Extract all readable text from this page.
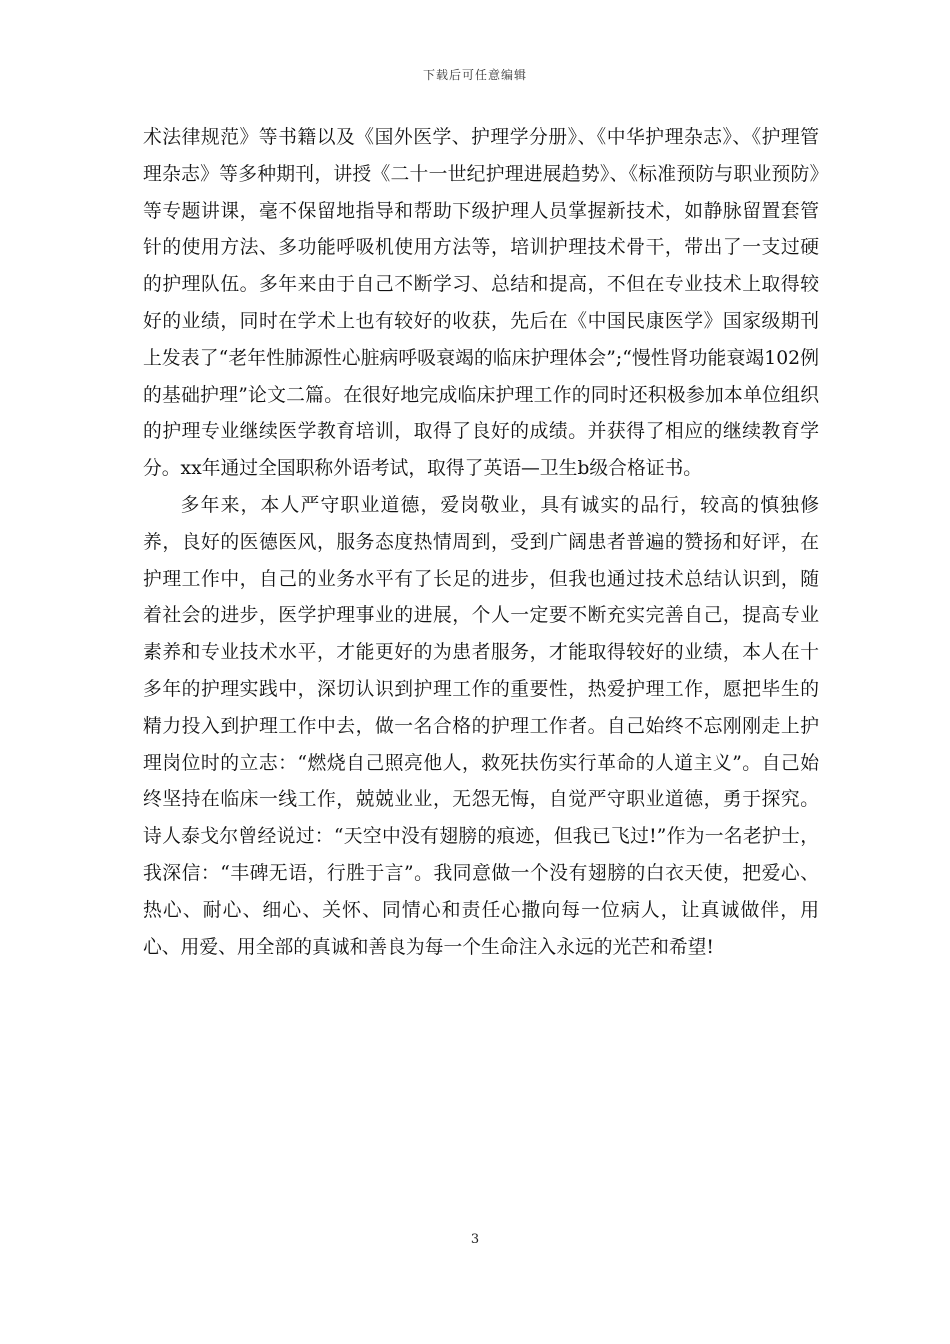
下载后可任意编辑

术法律规范》等书籍以及《国外医学、护理学分册》、《中华护理杂志》、《护理管理杂志》等多种期刊，讲授《二十一世纪护理进展趋势》、《标准预防与职业预防》等专题讲课，毫不保留地指导和帮助下级护理人员掌握新技术，如静脉留置套管针的使用方法、多功能呼吸机使用方法等，培训护理技术骨干，带出了一支过硬的护理队伍。多年来由于自己不断学习、总结和提高，不但在专业技术上取得较好的业绩，同时在学术上也有较好的收获，先后在《中国民康医学》国家级期刊上发表了“老年性肺源性心脏病呼吸衰竭的临床护理体会”;“慢性肾功能衰竭102例的基础护理”论文二篇。在很好地完成临床护理工作的同时还积极参加本单位组织的护理专业继续医学教育培训，取得了良好的成绩。并获得了相应的继续教育学分。xx年通过全国职称外语考试，取得了英语—卫生b级合格证书。

多年来，本人严守职业道德，爱岗敬业，具有诚实的品行，较高的慎独修养，良好的医德医风，服务态度热情周到，受到广阔患者普遍的赞扬和好评，在护理工作中，自己的业务水平有了长足的进步，但我也通过技术总结认识到，随着社会的进步，医学护理事业的进展，个人一定要不断充实完善自己，提高专业素养和专业技术水平，才能更好的为患者服务，才能取得较好的业绩，本人在十多年的护理实践中，深切认识到护理工作的重要性，热爱护理工作，愿把毕生的精力投入到护理工作中去，做一名合格的护理工作者。自己始终不忘刚刚走上护理岗位时的立志：“燃烧自己照亮他人，救死扶伤实行革命的人道主义”。自己始终坚持在临床一线工作，兢兢业业，无怨无悔，自觉严守职业道德，勇于探究。诗人泰戈尔曾经说过：“天空中没有翅膀的痕迹，但我已飞过!”作为一名老护士，我深信：“丰碑无语，行胜于言”。我同意做一个没有翅膀的白衣天使，把爱心、热心、耐心、细心、关怀、同情心和责任心撒向每一位病人，让真诚做伴，用心、用爱、用全部的真诚和善良为每一个生命注入永远的光芒和希望!

3
